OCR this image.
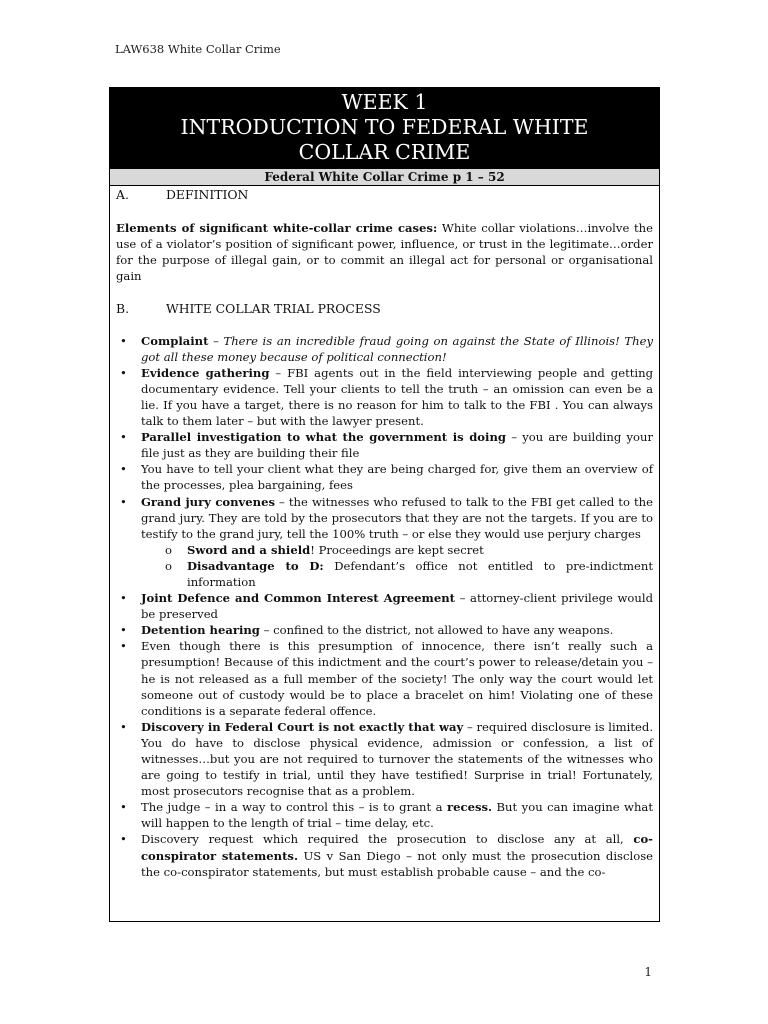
LAW638 White Collar Crime
WEEK 1
INTRODUCTION TO FEDERAL WHITE
COLLAR CRIME
Federal White Collar Crime p 1 – 52

A.	DEFINITION

Elements of significant white-collar crime cases: White collar violations…involve the use of a violator’s position of significant power, influence, or trust in the legitimate…order for the purpose of illegal gain, or to commit an illegal act for personal or organisational gain

B.	WHITE COLLAR TRIAL PROCESS

• Complaint – There is an incredible fraud going on against the State of Illinois! They got all these money because of political connection!
• Evidence gathering – FBI agents out in the field interviewing people and getting documentary evidence. Tell your clients to tell the truth – an omission can even be a lie. If you have a target, there is no reason for him to talk to the FBI . You can always talk to them later – but with the lawyer present.
• Parallel investigation to what the government is doing – you are building your file just as they are building their file
• You have to tell your client what they are being charged for, give them an overview of the processes, plea bargaining, fees
• Grand jury convenes – the witnesses who refused to talk to the FBI get called to the grand jury. They are told by the prosecutors that they are not the targets. If you are to testify to the grand jury, tell the 100% truth – or else they would use perjury charges
o Sword and a shield! Proceedings are kept secret
o Disadvantage to D: Defendant’s office not entitled to pre-indictment information
• Joint Defence and Common Interest Agreement – attorney-client privilege would be preserved
• Detention hearing – confined to the district, not allowed to have any weapons.
• Even though there is this presumption of innocence, there isn’t really such a presumption! Because of this indictment and the court’s power to release/detain you – he is not released as a full member of the society! The only way the court would let someone out of custody would be to place a bracelet on him! Violating one of these conditions is a separate federal offence.
• Discovery in Federal Court is not exactly that way – required disclosure is limited. You do have to disclose physical evidence, admission or confession, a list of witnesses…but you are not required to turnover the statements of the witnesses who are going to testify in trial, until they have testified! Surprise in trial! Fortunately, most prosecutors recognise that as a problem.
• The judge – in a way to control this – is to grant a recess. But you can imagine what will happen to the length of trial – time delay, etc.
• Discovery request which required the prosecution to disclose any at all, co-conspirator statements. US v San Diego – not only must the prosecution disclose the co-conspirator statements, but must establish probable cause – and the co-
1
